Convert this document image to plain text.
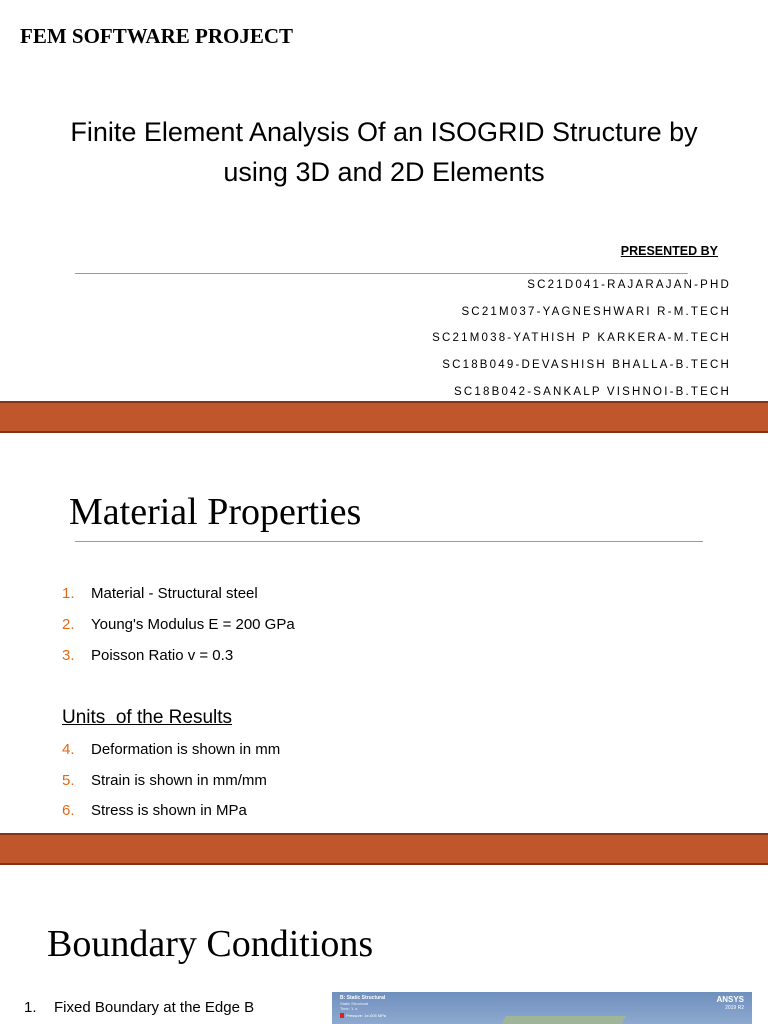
FEM SOFTWARE PROJECT
Finite Element Analysis Of an ISOGRID Structure by
using 3D and 2D Elements
PRESENTED BY
SC21D041-RAJARAJAN-PHD
SC21M037-YAGNESHWARI R-M.TECH
SC21M038-YATHISH P KARKERA-M.TECH
SC18B049-DEVASHISH BHALLA-B.TECH
SC18B042-SANKALP VISHNOI-B.TECH
Material Properties
1. Material - Structural steel
2. Young's Modulus E = 200 GPa
3. Poisson Ratio v = 0.3
Units  of the Results
4. Deformation is shown in mm
5. Strain is shown in mm/mm
6. Stress is shown in MPa
Boundary Conditions
1. Fixed Boundary at the Edge B
B: Static Structural
Static Structural
Time: 1. s
Pressure: 1e-005 MPa
ANSYS
2019 R2
